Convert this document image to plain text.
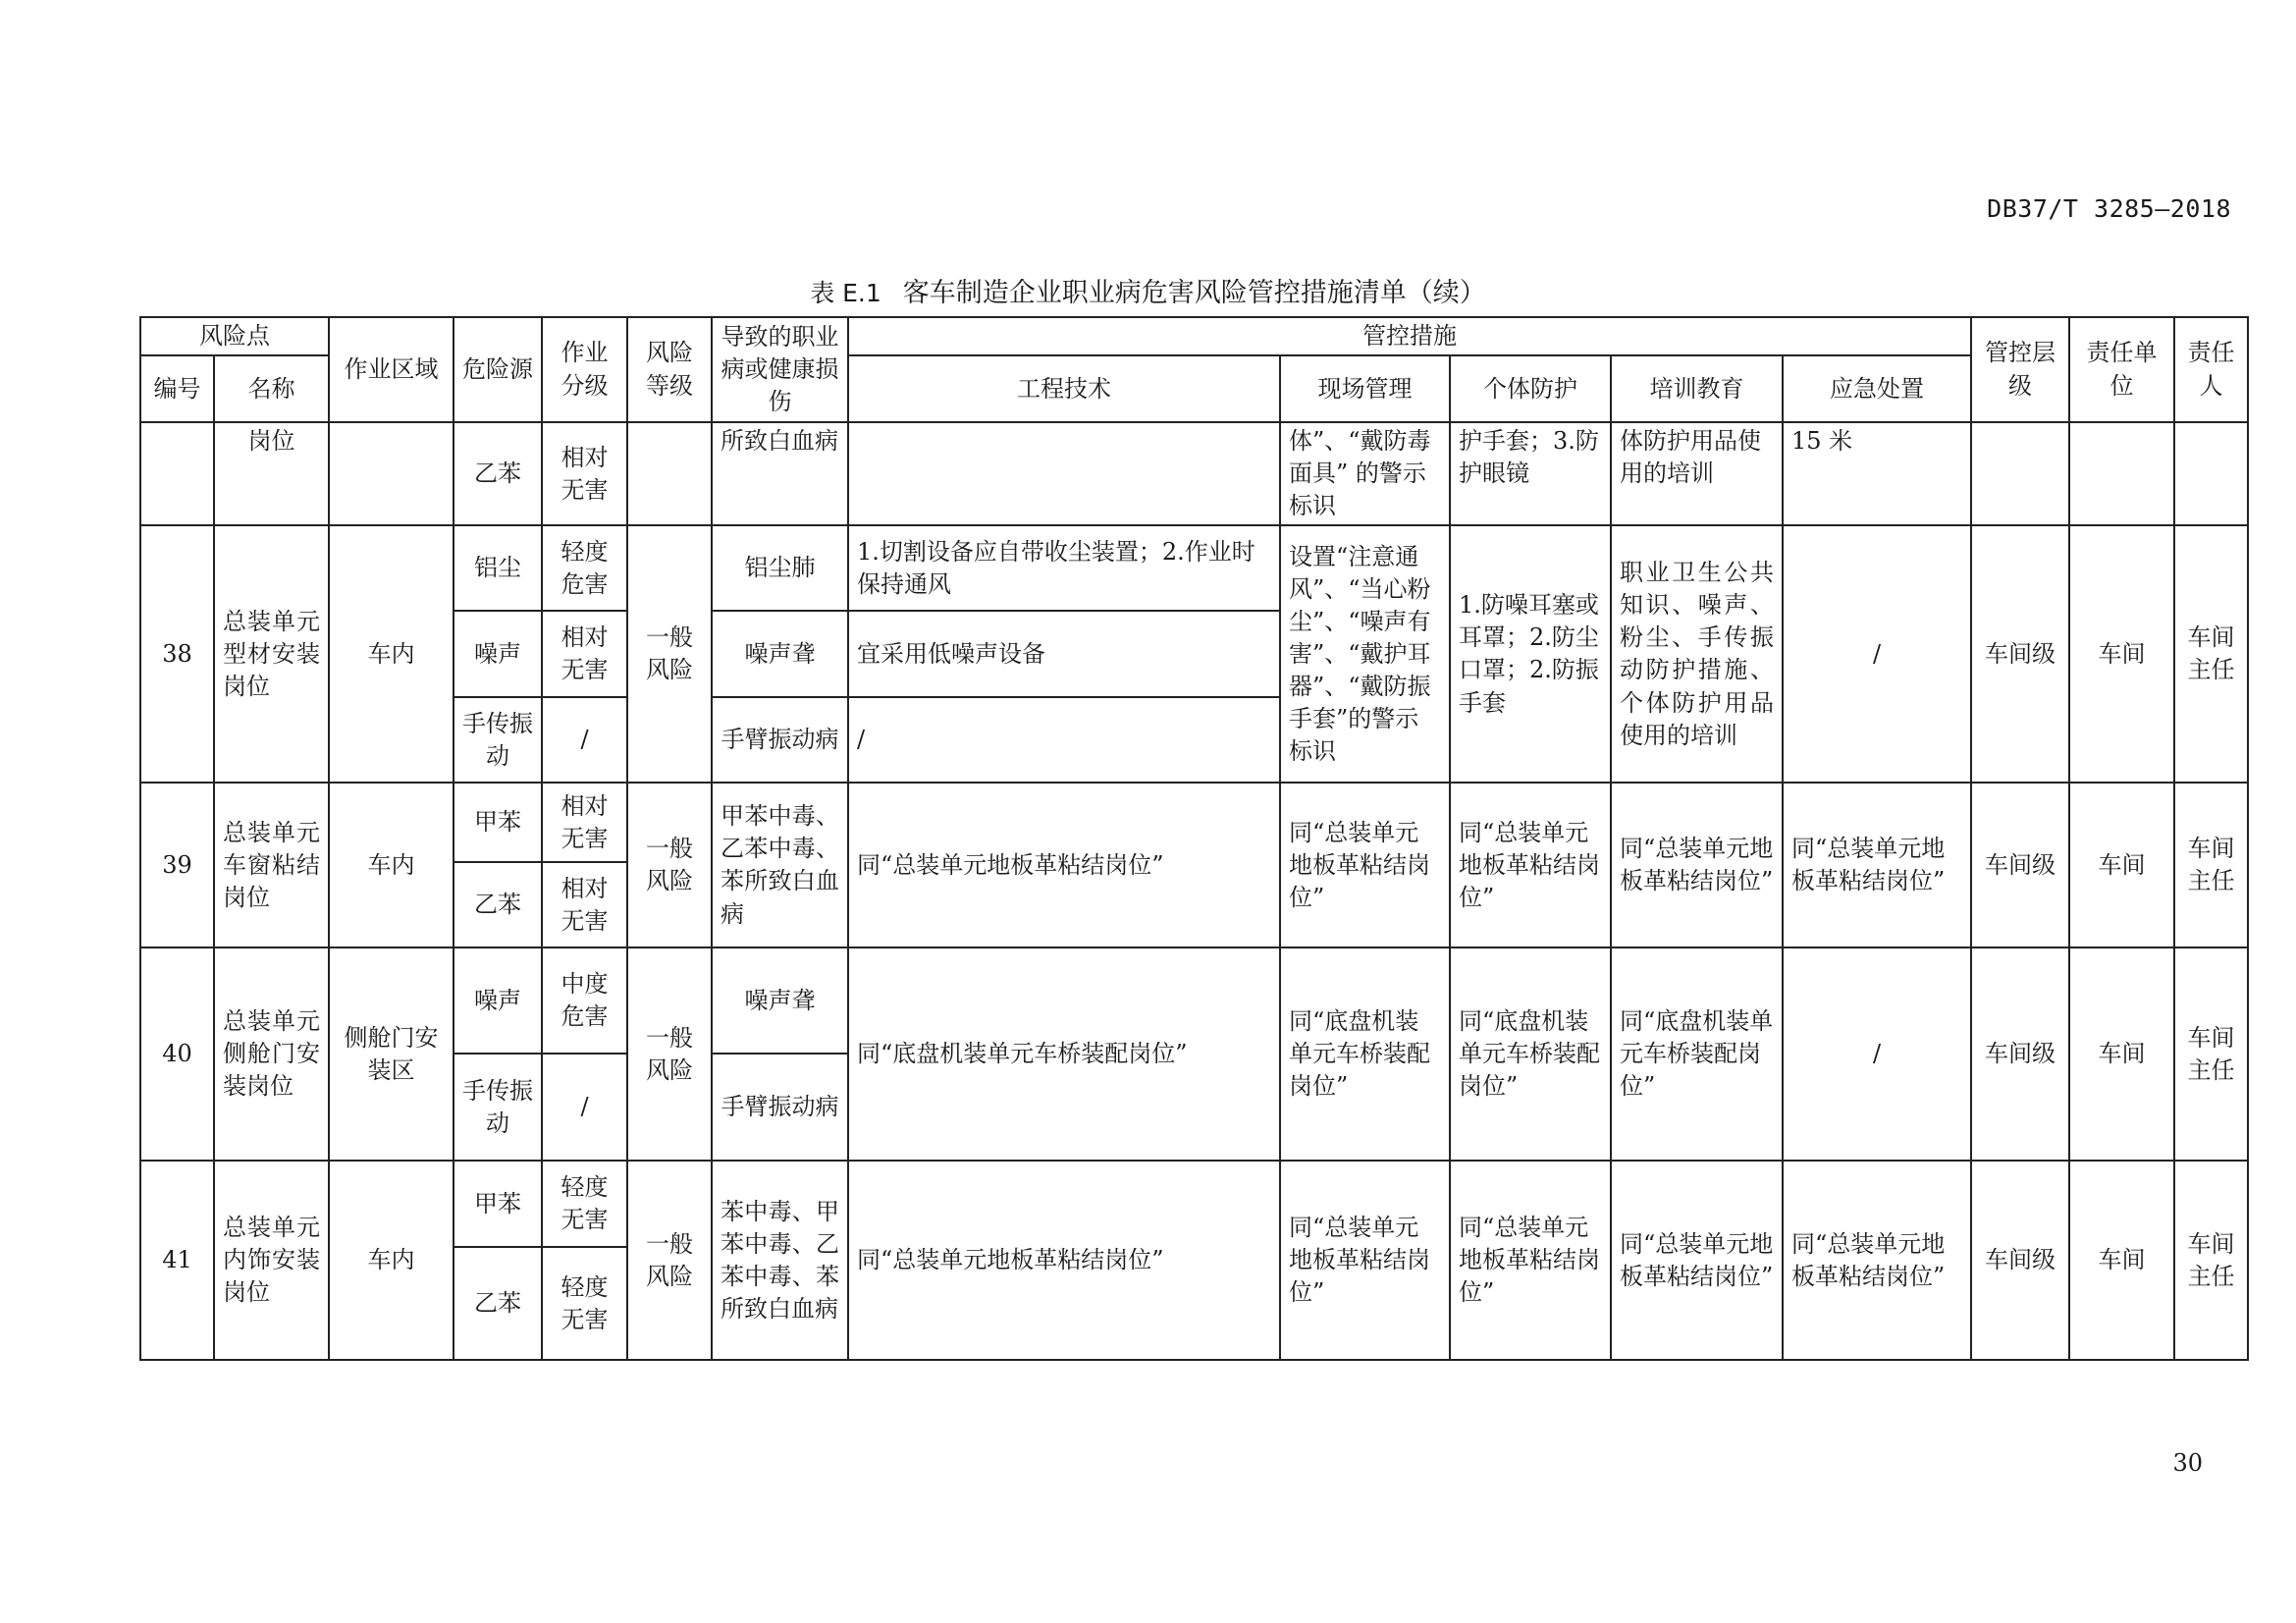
DB37/T 3285—2018
表 E.1 客车制造企业职业病危害风险管控措施清单（续）
风险点		作业区域	危险源	作业分级	风险等级	导致的职业病或健康损伤	管控措施					管控层级	责任单位	责任人
编号	名称						工程技术	现场管理	个体防护	培训教育	应急处置			
	岗位		乙苯	相对无害		所致白血病		体”、“戴防毒面具” 的警示标识	护手套；3.防护眼镜	体防护用品使用的培训	15 米			
38	总装单元型材安装岗位	车内	铝尘	轻度危害	一般风险	铝尘肺	1.切割设备应自带收尘装置；2.作业时保持通风	设置“注意通风”、“当心粉尘”、“噪声有害”、“戴护耳器”、“戴防振手套”的警示标识	1.防噪耳塞或耳罩；2.防尘口罩；2.防振手套	职业卫生公共知识、噪声、粉尘、手传振动防护措施、个体防护用品使用的培训	/	车间级	车间	车间主任
			噪声	相对无害		噪声聋	宜采用低噪声设备							
			手传振动	/		手臂振动病	/							
39	总装单元车窗粘结岗位	车内	甲苯	相对无害	一般风险	甲苯中毒、乙苯中毒、苯所致白血病	同“总装单元地板革粘结岗位”	同“总装单元地板革粘结岗位”	同“总装单元地板革粘结岗位”	同“总装单元地板革粘结岗位”	同“总装单元地板革粘结岗位”	车间级	车间	车间主任
			乙苯	相对无害										
40	总装单元侧舱门安装岗位	侧舱门安装区	噪声	中度危害	一般风险	噪声聋	同“底盘机装单元车桥装配岗位”	同“底盘机装单元车桥装配岗位”	同“底盘机装单元车桥装配岗位”	同“底盘机装单元车桥装配岗位”	/	车间级	车间	车间主任
			手传振动	/		手臂振动病								
41	总装单元内饰安装岗位	车内	甲苯	轻度无害	一般风险	苯中毒、甲苯中毒、乙苯中毒、苯所致白血病	同“总装单元地板革粘结岗位”	同“总装单元地板革粘结岗位”	同“总装单元地板革粘结岗位”	同“总装单元地板革粘结岗位”	同“总装单元地板革粘结岗位”	车间级	车间	车间主任
			乙苯	轻度无害										
30
